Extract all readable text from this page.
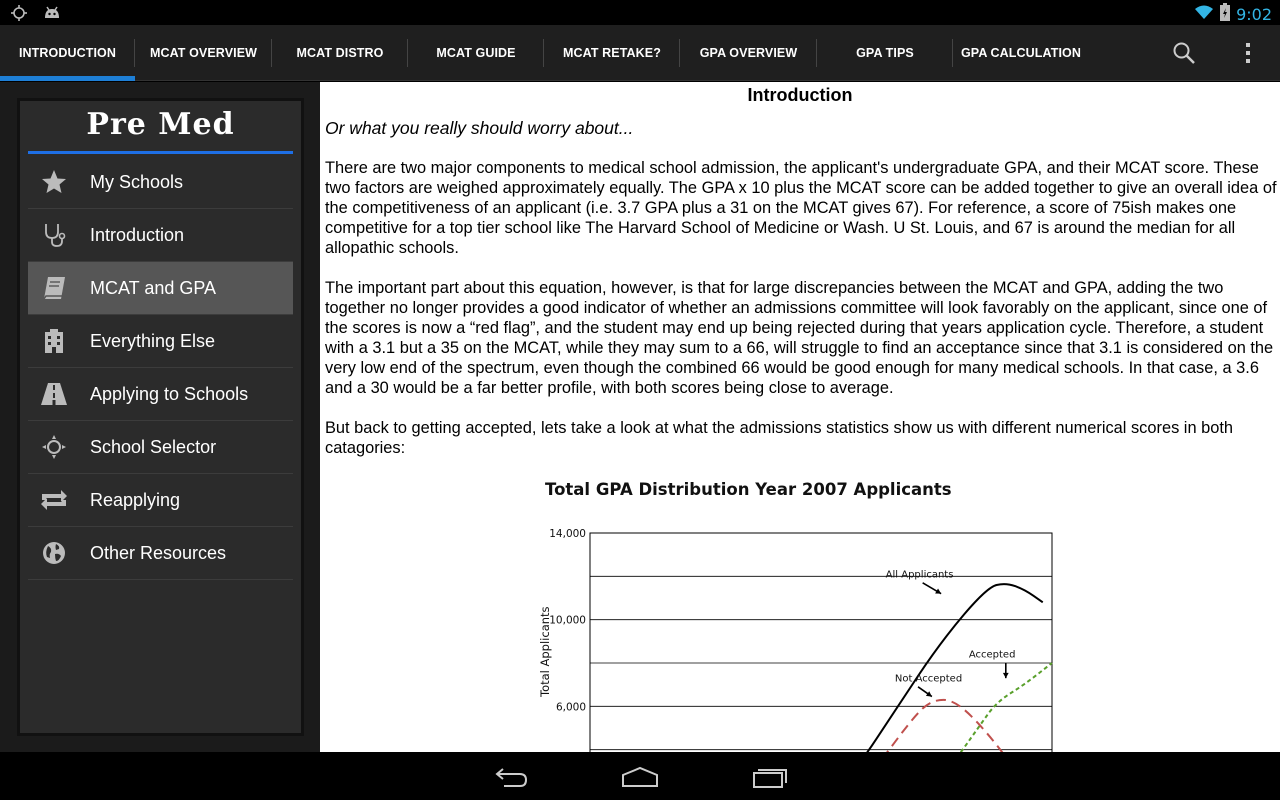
9:02
INTRODUCTION	MCAT OVERVIEW	MCAT DISTRO	MCAT GUIDE	MCAT RETAKE?	GPA OVERVIEW	GPA TIPS	GPA CALCULATION
Pre Med
My Schools
Introduction
MCAT and GPA
Everything Else
Applying to Schools
School Selector
Reapplying
Other Resources
Introduction
Or what you really should worry about...

There are two major components to medical school admission, the applicant's undergraduate GPA, and their MCAT score. These two factors are weighed approximately equally. The GPA x 10 plus the MCAT score can be added together to give an overall idea of the competitiveness of an applicant (i.e. 3.7 GPA plus a 31 on the MCAT gives 67). For reference, a score of 75ish makes one competitive for a top tier school like The Harvard School of Medicine or Wash. U St. Louis, and 67 is around the median for all allopathic schools.

The important part about this equation, however, is that for large discrepancies between the MCAT and GPA, adding the two together no longer provides a good indicator of whether an admissions committee will look favorably on the applicant, since one of the scores is now a “red flag”, and the student may end up being rejected during that years application cycle. Therefore, a student with a 3.1 but a 35 on the MCAT, while they may sum to a 66, will struggle to find an acceptance since that 3.1 is considered on the very low end of the spectrum, even though the combined 66 would be good enough for many medical schools. In that case, a 3.6 and a 30 would be a far better profile, with both scores being close to average.

But back to getting accepted, lets take a look at what the admissions statistics show us with different numerical scores in both catagories:

Total GPA Distribution Year 2007 Applicants
14,000
10,000
6,000
Total Applicants
All Applicants
Accepted
Not Accepted
